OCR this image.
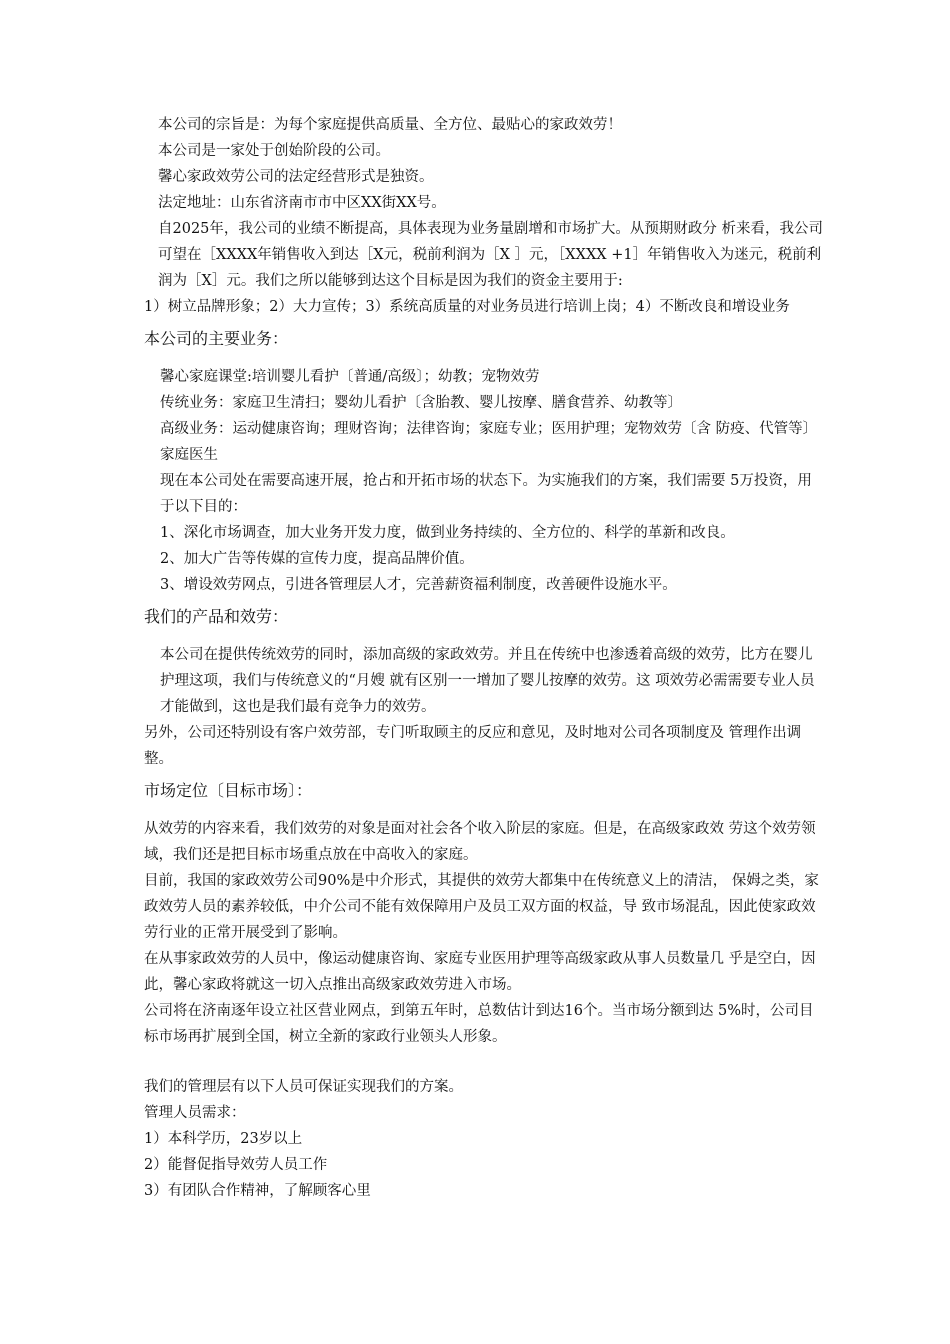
本公司的宗旨是：为每个家庭提供高质量、全方位、最贴心的家政效劳！

本公司是一家处于创始阶段的公司。

馨心家政效劳公司的法定经营形式是独资。

法定地址：山东省济南市市中区XX街XX号。

自2025年，我公司的业绩不断提高，具体表现为业务量剧增和市场扩大。从预期财政分 析来看，我公司可望在［XXXX年销售收入到达［X元，税前利润为［X ］元，［XXXX +1］年销售收入为迷元，税前利润为［X］元。我们之所以能够到达这个目标是因为我们的资金主要用于:

1）树立品牌形象；2）大力宣传；3）系统高质量的对业务员进行培训上岗；4）不断改良和增设业务

本公司的主要业务：

馨心家庭课堂:培训婴儿看护〔普通/高级〕；幼教；宠物效劳

传统业务：家庭卫生清扫；婴幼儿看护〔含胎教、婴儿按摩、膳食营养、幼教等〕

高级业务：运动健康咨询；理财咨询；法律咨询；家庭专业；医用护理；宠物效劳〔含 防疫、代管等〕家庭医生

现在本公司处在需要高速开展，抢占和开拓市场的状态下。为实施我们的方案，我们需要 5万投资，用于以下目的：

1、深化市场调查，加大业务开发力度，做到业务持续的、全方位的、科学的革新和改良。

2、加大广告等传媒的宣传力度，提高品牌价值。

3、增设效劳网点，引进各管理层人才，完善薪资福利制度，改善硬件设施水平。

我们的产品和效劳：

本公司在提供传统效劳的同时，添加高级的家政效劳。并且在传统中也渗透着高级的效劳，比方在婴儿护理这项，我们与传统意义的“月嫂 就有区别一一增加了婴儿按摩的效劳。这 项效劳必需需要专业人员才能做到，这也是我们最有竞争力的效劳。

另外，公司还特别设有客户效劳部，专门听取顾主的反应和意见，及时地对公司各项制度及 管理作出调整。

市场定位〔目标市场〕：

从效劳的内容来看，我们效劳的对象是面对社会各个收入阶层的家庭。但是，在高级家政效 劳这个效劳领域，我们还是把目标市场重点放在中高收入的家庭。

目前，我国的家政效劳公司90%是中介形式，其提供的效劳大都集中在传统意义上的清洁， 保姆之类，家政效劳人员的素养较低，中介公司不能有效保障用户及员工双方面的权益，导 致市场混乱，因此使家政效劳行业的正常开展受到了影响。

在从事家政效劳的人员中，像运动健康咨询、家庭专业医用护理等高级家政从事人员数量几 乎是空白，因此，馨心家政将就这一切入点推出高级家政效劳进入市场。

公司将在济南逐年设立社区营业网点，到第五年时，总数估计到达16个。当市场分额到达 5%时，公司目标市场再扩展到全国，树立全新的家政行业领头人形象。

我们的管理层有以下人员可保证实现我们的方案。

管理人员需求：

1）本科学历，23岁以上

2）能督促指导效劳人员工作

3）有团队合作精神，了解顾客心里
